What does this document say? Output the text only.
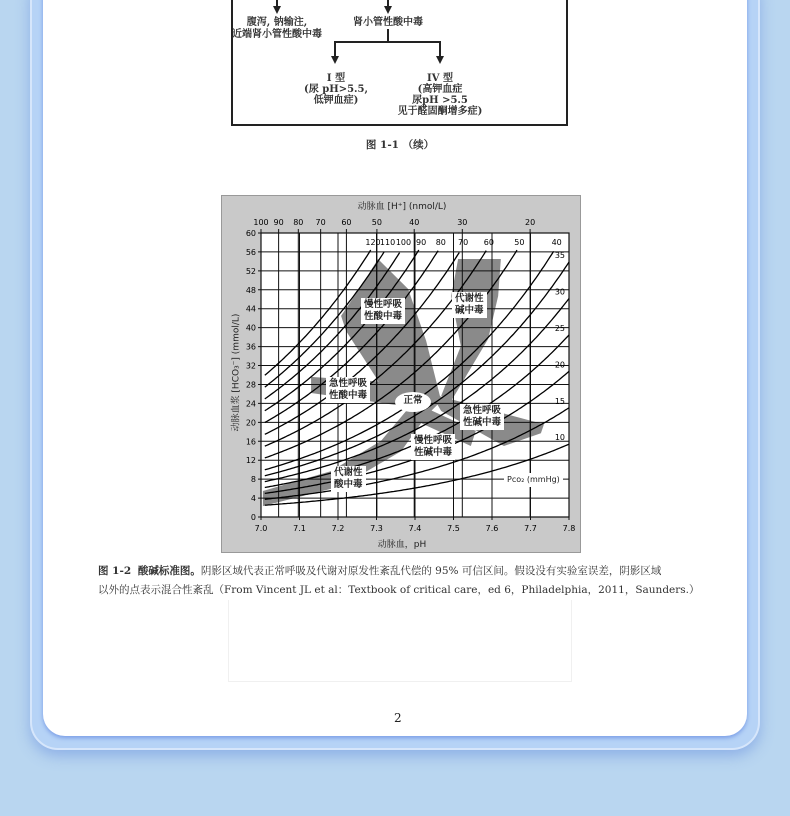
腹泻, 钠输注,
近端肾小管性酸中毒
肾小管性酸中毒
I 型
(尿 pH>5.5,
低钾血症)
IV 型
(高钾血症
尿pH >5.5
见于醛固酮增多症)
图 1-1 （续）
0
4
8
12
16
20
24
28
32
36
40
44
48
52
56
60
7.0	7.1	7.2	7.3	7.4	7.5	7.6	7.7	7.8
100 90 80 70 60	50	40	30	20
120 110 100 90 80 70 60	50	40
35
30
25
20
15
10
慢性呼吸
性酸中毒
代谢性
碱中毒
急性呼吸
性酸中毒	正常
急性呼吸
性碱中毒
慢性呼吸
性碱中毒
代谢性
酸中毒	Pco₂ (mmHg)
动脉血 [H⁺] (nmol/L)
动脉血，pH
动脉血浆 [HCO₃⁻] (mmol/L)
图 1-2 酸碱标准图。阴影区域代表正常呼吸及代谢对原发性紊乱代偿的 95% 可信区间。假设没有实验室误差，阴影区域
以外的点表示混合性紊乱（From Vincent JL et al：Textbook of critical care，ed 6，Philadelphia，2011，Saunders.）
2
